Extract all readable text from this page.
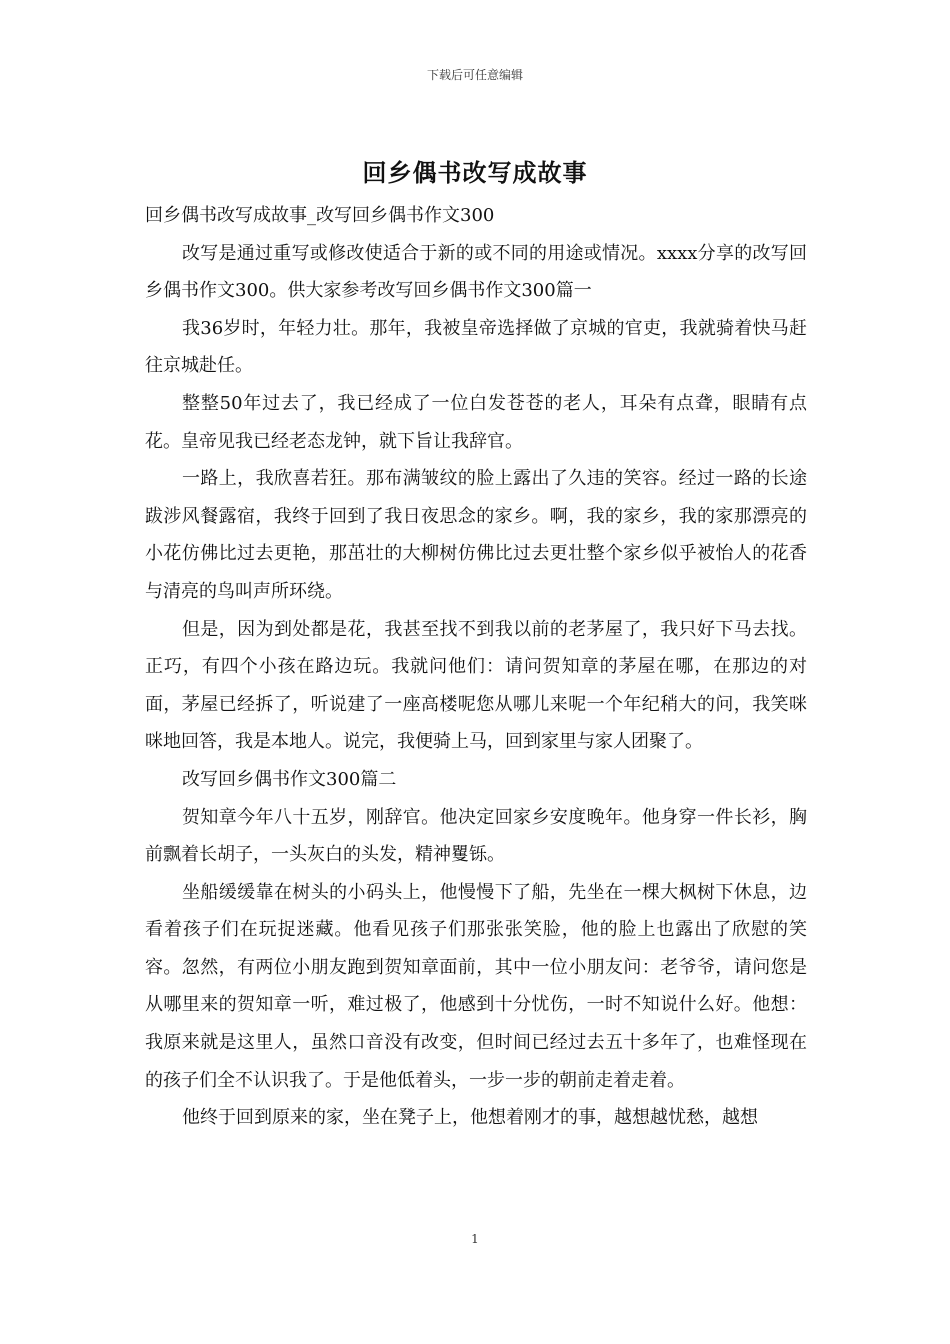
下载后可任意编辑
回乡偶书改写成故事

回乡偶书改写成故事_改写回乡偶书作文300

改写是通过重写或修改使适合于新的或不同的用途或情况。xxxx分享的改写回乡偶书作文300。供大家参考改写回乡偶书作文300篇一

我36岁时，年轻力壮。那年，我被皇帝选择做了京城的官吏，我就骑着快马赶往京城赴任。

整整50年过去了，我已经成了一位白发苍苍的老人，耳朵有点聋，眼睛有点花。皇帝见我已经老态龙钟，就下旨让我辞官。

一路上，我欣喜若狂。那布满皱纹的脸上露出了久违的笑容。经过一路的长途跋涉风餐露宿，我终于回到了我日夜思念的家乡。啊，我的家乡，我的家那漂亮的小花仿佛比过去更艳，那茁壮的大柳树仿佛比过去更壮整个家乡似乎被怡人的花香与清亮的鸟叫声所环绕。

但是，因为到处都是花，我甚至找不到我以前的老茅屋了，我只好下马去找。正巧，有四个小孩在路边玩。我就问他们：请问贺知章的茅屋在哪，在那边的对面，茅屋已经拆了，听说建了一座高楼呢您从哪儿来呢一个年纪稍大的问，我笑咪咪地回答，我是本地人。说完，我便骑上马，回到家里与家人团聚了。

改写回乡偶书作文300篇二

贺知章今年八十五岁，刚辞官。他决定回家乡安度晚年。他身穿一件长衫，胸前飘着长胡子，一头灰白的头发，精神矍铄。

坐船缓缓靠在树头的小码头上，他慢慢下了船，先坐在一棵大枫树下休息，边看着孩子们在玩捉迷藏。他看见孩子们那张张笑脸，他的脸上也露出了欣慰的笑容。忽然，有两位小朋友跑到贺知章面前，其中一位小朋友问：老爷爷，请问您是从哪里来的贺知章一听，难过极了，他感到十分忧伤，一时不知说什么好。他想：我原来就是这里人，虽然口音没有改变，但时间已经过去五十多年了，也难怪现在的孩子们全不认识我了。于是他低着头，一步一步的朝前走着走着。

他终于回到原来的家，坐在凳子上，他想着刚才的事，越想越忧愁，越想

1
